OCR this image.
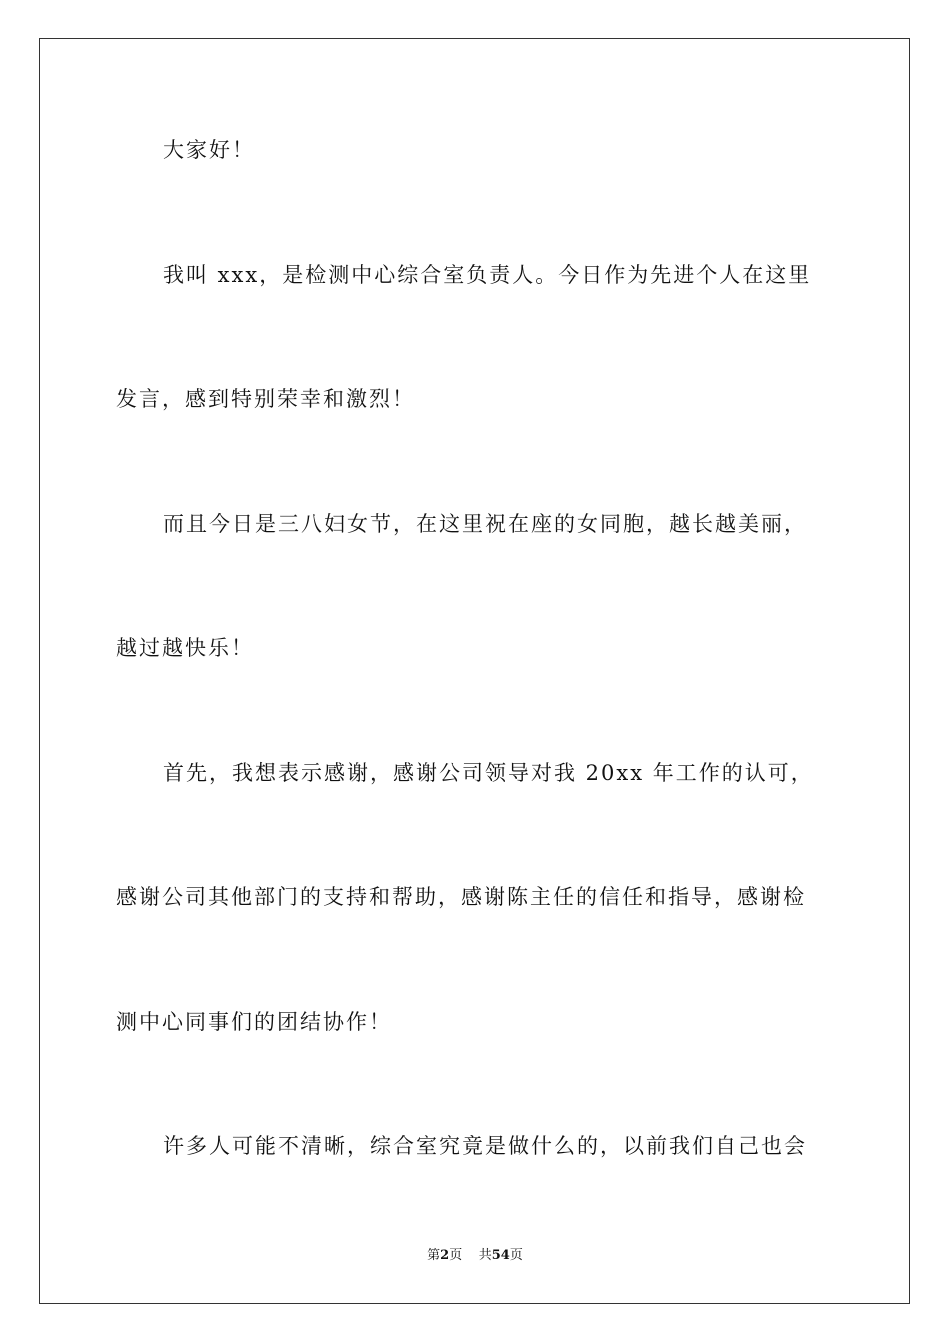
大家好！
我叫 xxx，是检测中心综合室负责人。今日作为先进个人在这里
发言，感到特别荣幸和激烈！
而且今日是三八妇女节，在这里祝在座的女同胞，越长越美丽，
越过越快乐！
首先，我想表示感谢，感谢公司领导对我 20xx 年工作的认可，
感谢公司其他部门的支持和帮助，感谢陈主任的信任和指导，感谢检
测中心同事们的团结协作！
许多人可能不清晰，综合室究竟是做什么的，以前我们自己也会
第2页 共54页
